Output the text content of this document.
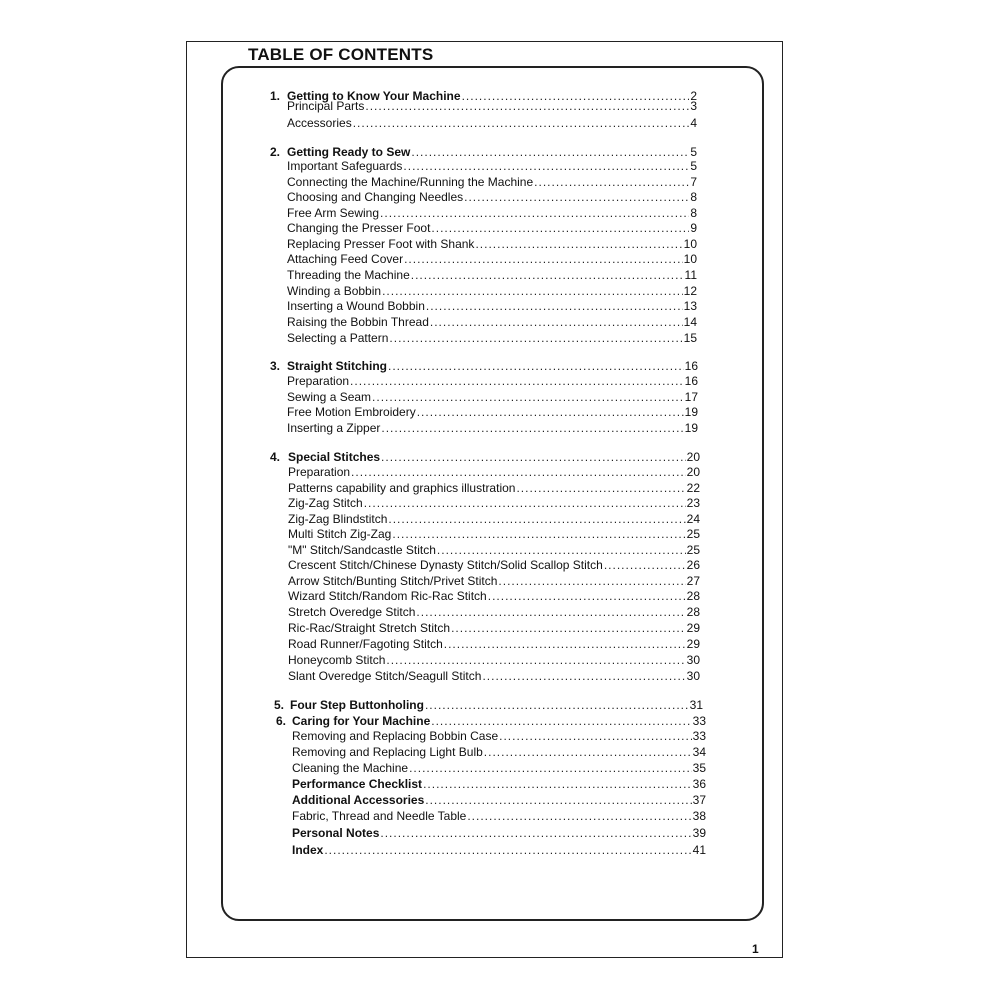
TABLE OF CONTENTS
1. Getting to Know Your Machine .....	2
Principal Parts .....	3
Accessories .....	4
2. Getting Ready to Sew .....	5
Important Safeguards .....	5
Connecting the Machine/Running the Machine .....	7
Choosing and Changing Needles .....	8
Free Arm Sewing .....	8
Changing the Presser Foot .....	9
Replacing Presser Foot with Shank .....	10
Attaching Feed Cover .....	10
Threading the Machine .....	11
Winding a Bobbin .....	12
Inserting a Wound Bobbin .....	13
Raising the Bobbin Thread .....	14
Selecting a Pattern .....	15
3. Straight Stitching .....	16
Preparation .....	16
Sewing a Seam .....	17
Free Motion Embroidery .....	19
Inserting a Zipper .....	19
4. Special Stitches .....	20
Preparation .....	20
Patterns capability and graphics illustration .....	22
Zig-Zag Stitch .....	23
Zig-Zag Blindstitch .....	24
Multi Stitch Zig-Zag .....	25
"M" Stitch/Sandcastle Stitch .....	25
Crescent Stitch/Chinese Dynasty Stitch/Solid Scallop Stitch .....	26
Arrow Stitch/Bunting Stitch/Privet Stitch .....	27
Wizard Stitch/Random Ric-Rac Stitch .....	28
Stretch Overedge Stitch .....	28
Ric-Rac/Straight Stretch Stitch .....	29
Road Runner/Fagoting Stitch .....	29
Honeycomb Stitch .....	30
Slant Overedge Stitch/Seagull Stitch .....	30
5. Four Step Buttonholing .....	31
6. Caring for Your Machine .....	33
Removing and Replacing Bobbin Case .....	33
Removing and Replacing Light Bulb .....	34
Cleaning the Machine .....	35
Performance Checklist .....	36
Additional Accessories .....	37
Fabric, Thread and Needle Table .....	38
Personal Notes .....	39
Index .....	41
1
